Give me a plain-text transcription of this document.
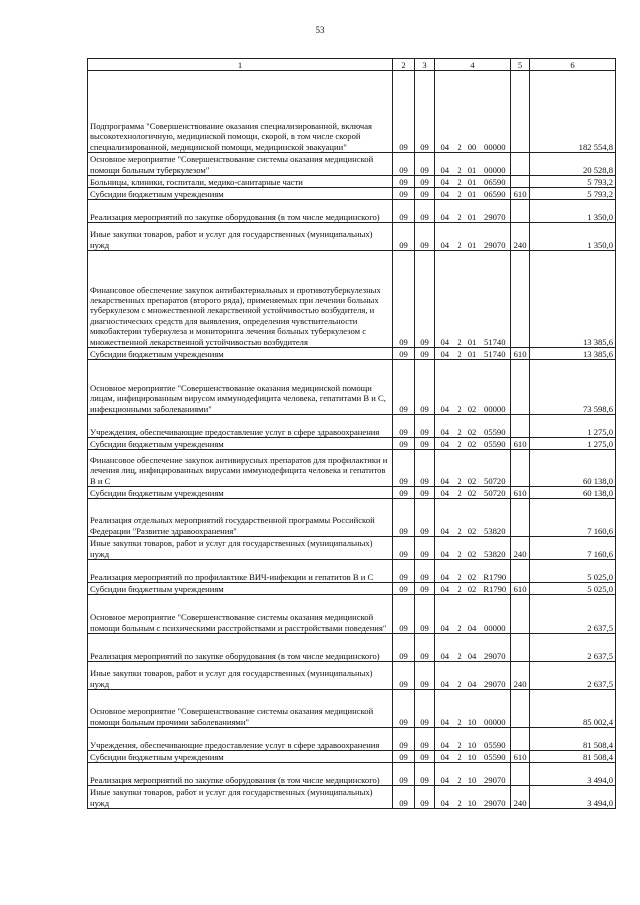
53
1	2	3	4				5	6
Подпрограмма "Совершенствование оказания специализированной, включая высокотехнологичную, медицинской помощи, скорой, в том числе скорой специализированной, медицинской помощи, медицинской эвакуации"	09	09	04	2	00	00000		182 554,8
Основное мероприятие "Совершенствование системы оказания медицинской помощи больным туберкулезом"	09	09	04	2	01	00000		20 528,8
Больницы, клиники, госпитали, медико-санитарные части	09	09	04	2	01	06590		5 793,2
Субсидии бюджетным учреждениям	09	09	04	2	01	06590	610	5 793,2
Реализация мероприятий по закупке оборудования (в том числе медицинского)	09	09	04	2	01	29070		1 350,0
Иные закупки товаров, работ и услуг для государственных (муниципальных) нужд	09	09	04	2	01	29070	240	1 350,0
Финансовое обеспечение закупок антибактериальных и противотуберкулезных лекарственных препаратов (второго ряда), применяемых при лечении больных туберкулезом с множественной лекарственной устойчивостью возбудителя, и диагностических средств для выявления, определения чувствительности микобактерии туберкулеза и мониторинга лечения больных туберкулезом с множественной лекарственной устойчивостью возбудителя	09	09	04	2	01	51740		13 385,6
Субсидии бюджетным учреждениям	09	09	04	2	01	51740	610	13 385,6
Основное мероприятие "Совершенствование оказания медицинской помощи лицам, инфицированным вирусом иммунодефицита человека, гепатитами В и С, инфекционными заболеваниями"	09	09	04	2	02	00000		73 598,6
Учреждения, обеспечивающие предоставление услуг в сфере здравоохранения	09	09	04	2	02	05590		1 275,0
Субсидии бюджетным учреждениям	09	09	04	2	02	05590	610	1 275,0
Финансовое обеспечение закупок антивирусных препаратов для профилактики и лечения лиц, инфицированных вирусами иммунодефицита человека и гепатитов В и С	09	09	04	2	02	50720		60 138,0
Субсидии бюджетным учреждениям	09	09	04	2	02	50720	610	60 138,0
Реализация отдельных мероприятий государственной программы Российской Федерации "Развитие здравоохранения"	09	09	04	2	02	53820		7 160,6
Иные закупки товаров, работ и услуг для государственных (муниципальных) нужд	09	09	04	2	02	53820	240	7 160,6
Реализация мероприятий по профилактике ВИЧ-инфекции и гепатитов В и С	09	09	04	2	02	R1790		5 025,0
Субсидии бюджетным учреждениям	09	09	04	2	02	R1790	610	5 025,0
Основное мероприятие "Совершенствование системы оказания медицинской помощи больным с психическими расстройствами и расстройствами поведения"	09	09	04	2	04	00000		2 637,5
Реализация мероприятий по закупке оборудования (в том числе медицинского)	09	09	04	2	04	29070		2 637,5
Иные закупки товаров, работ и услуг для государственных (муниципальных) нужд	09	09	04	2	04	29070	240	2 637,5
Основное мероприятие "Совершенствование системы оказания медицинской помощи больным прочими заболеваниями"	09	09	04	2	10	00000		85 002,4
Учреждения, обеспечивающие предоставление услуг в сфере здравоохранения	09	09	04	2	10	05590		81 508,4
Субсидии бюджетным учреждениям	09	09	04	2	10	05590	610	81 508,4
Реализация мероприятий по закупке оборудования (в том числе медицинского)	09	09	04	2	10	29070		3 494,0
Иные закупки товаров, работ и услуг для государственных (муниципальных) нужд	09	09	04	2	10	29070	240	3 494,0
